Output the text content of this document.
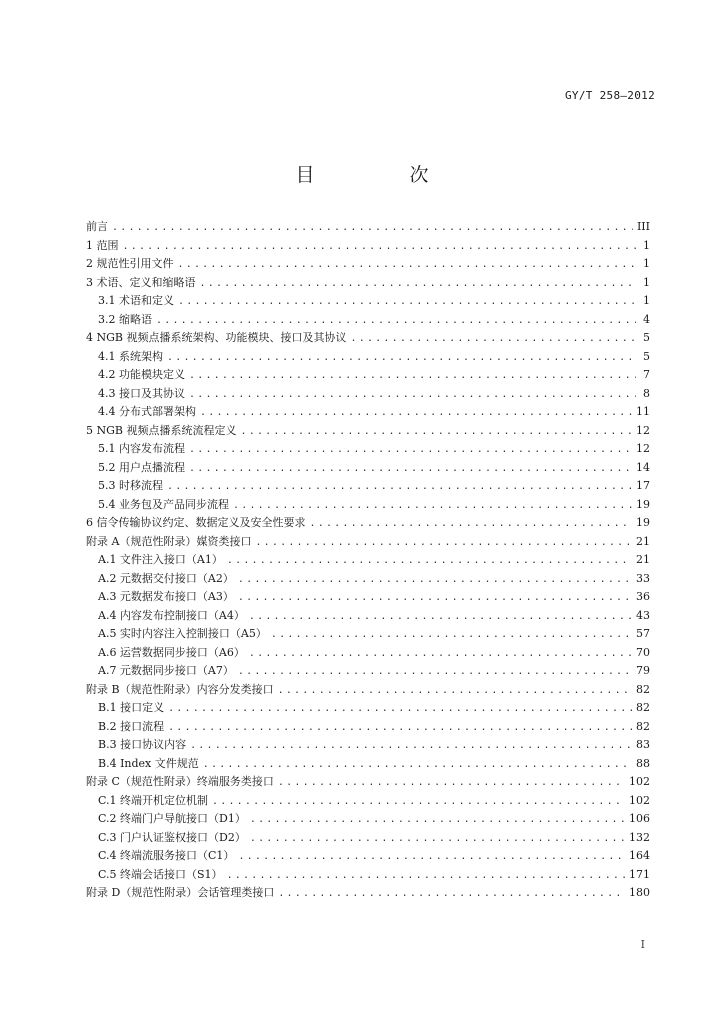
GY/T 258—2012
目　次
前言 .....	III
1 范围 .....	1
2 规范性引用文件 .....	1
3 术语、定义和缩略语 .....	1
3.1 术语和定义 .....	1
3.2 缩略语 .....	4
4 NGB 视频点播系统架构、功能模块、接口及其协议 .....	5
4.1 系统架构 .....	5
4.2 功能模块定义 .....	7
4.3 接口及其协议 .....	8
4.4 分布式部署架构 .....	11
5 NGB 视频点播系统流程定义 .....	12
5.1 内容发布流程 .....	12
5.2 用户点播流程 .....	14
5.3 时移流程 .....	17
5.4 业务包及产品同步流程 .....	19
6 信令传输协议约定、数据定义及安全性要求 .....	19
附录 A（规范性附录）媒资类接口 .....	21
A.1 文件注入接口（A1） .....	21
A.2 元数据交付接口（A2） .....	33
A.3 元数据发布接口（A3） .....	36
A.4 内容发布控制接口（A4） .....	43
A.5 实时内容注入控制接口（A5） .....	57
A.6 运营数据同步接口（A6） .....	70
A.7 元数据同步接口（A7） .....	79
附录 B（规范性附录）内容分发类接口 .....	82
B.1 接口定义 .....	82
B.2 接口流程 .....	82
B.3 接口协议内容 .....	83
B.4 Index 文件规范 .....	88
附录 C（规范性附录）终端服务类接口 .....	102
C.1 终端开机定位机制 .....	102
C.2 终端门户导航接口（D1） .....	106
C.3 门户认证鉴权接口（D2） .....	132
C.4 终端流服务接口（C1） .....	164
C.5 终端会话接口（S1） .....	171
附录 D（规范性附录）会话管理类接口 .....	180
I
